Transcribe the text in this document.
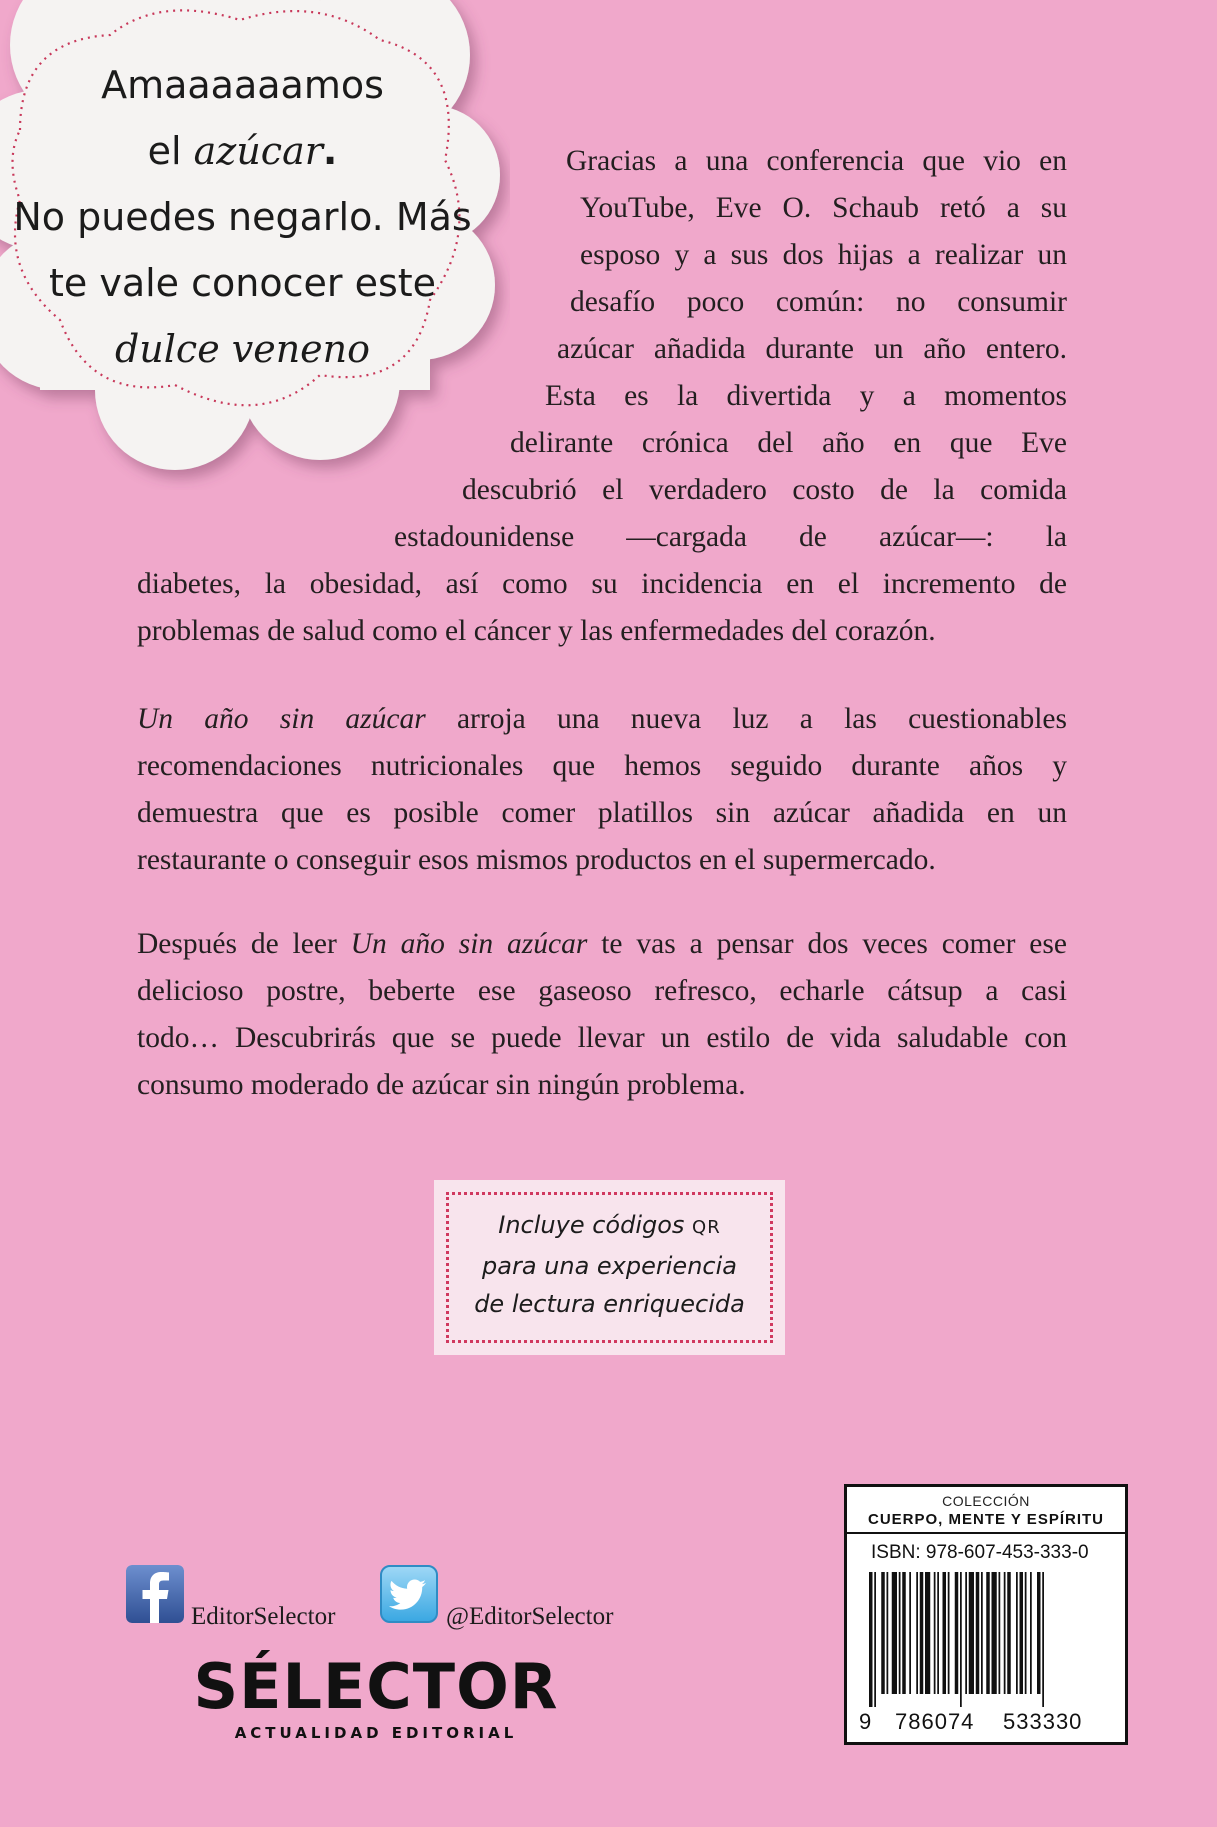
Amaaaaaamos
el azúcar.
No puedes negarlo. Más
te vale conocer este
dulce veneno
Gracias a una conferencia que vio en
YouTube, Eve O. Schaub retó a su
esposo y a sus dos hijas a realizar un
desafío poco común: no consumir
azúcar añadida durante un año entero.
Esta es la divertida y a momentos
delirante crónica del año en que Eve
descubrió el verdadero costo de la comida
estadounidense —cargada de azúcar—: la
diabetes, la obesidad, así como su incidencia en el incremento de
problemas de salud como el cáncer y las enfermedades del corazón.
Un año sin azúcar arroja una nueva luz a las cuestionables
recomendaciones nutricionales que hemos seguido durante años y
demuestra que es posible comer platillos sin azúcar añadida en un
restaurante o conseguir esos mismos productos en el supermercado.
Después de leer Un año sin azúcar te vas a pensar dos veces comer ese
delicioso postre, beberte ese gaseoso refresco, echarle cátsup a casi
todo… Descubrirás que se puede llevar un estilo de vida saludable con
consumo moderado de azúcar sin ningún problema.
Incluye códigos QR
para una experiencia
de lectura enriquecida
EditorSelector	@EditorSelector
SÉLECTOR
ACTUALIDAD EDITORIAL
COLECCIÓN
CUERPO, MENTE Y ESPÍRITU
ISBN: 978-607-453-333-0
9 786074 533330
